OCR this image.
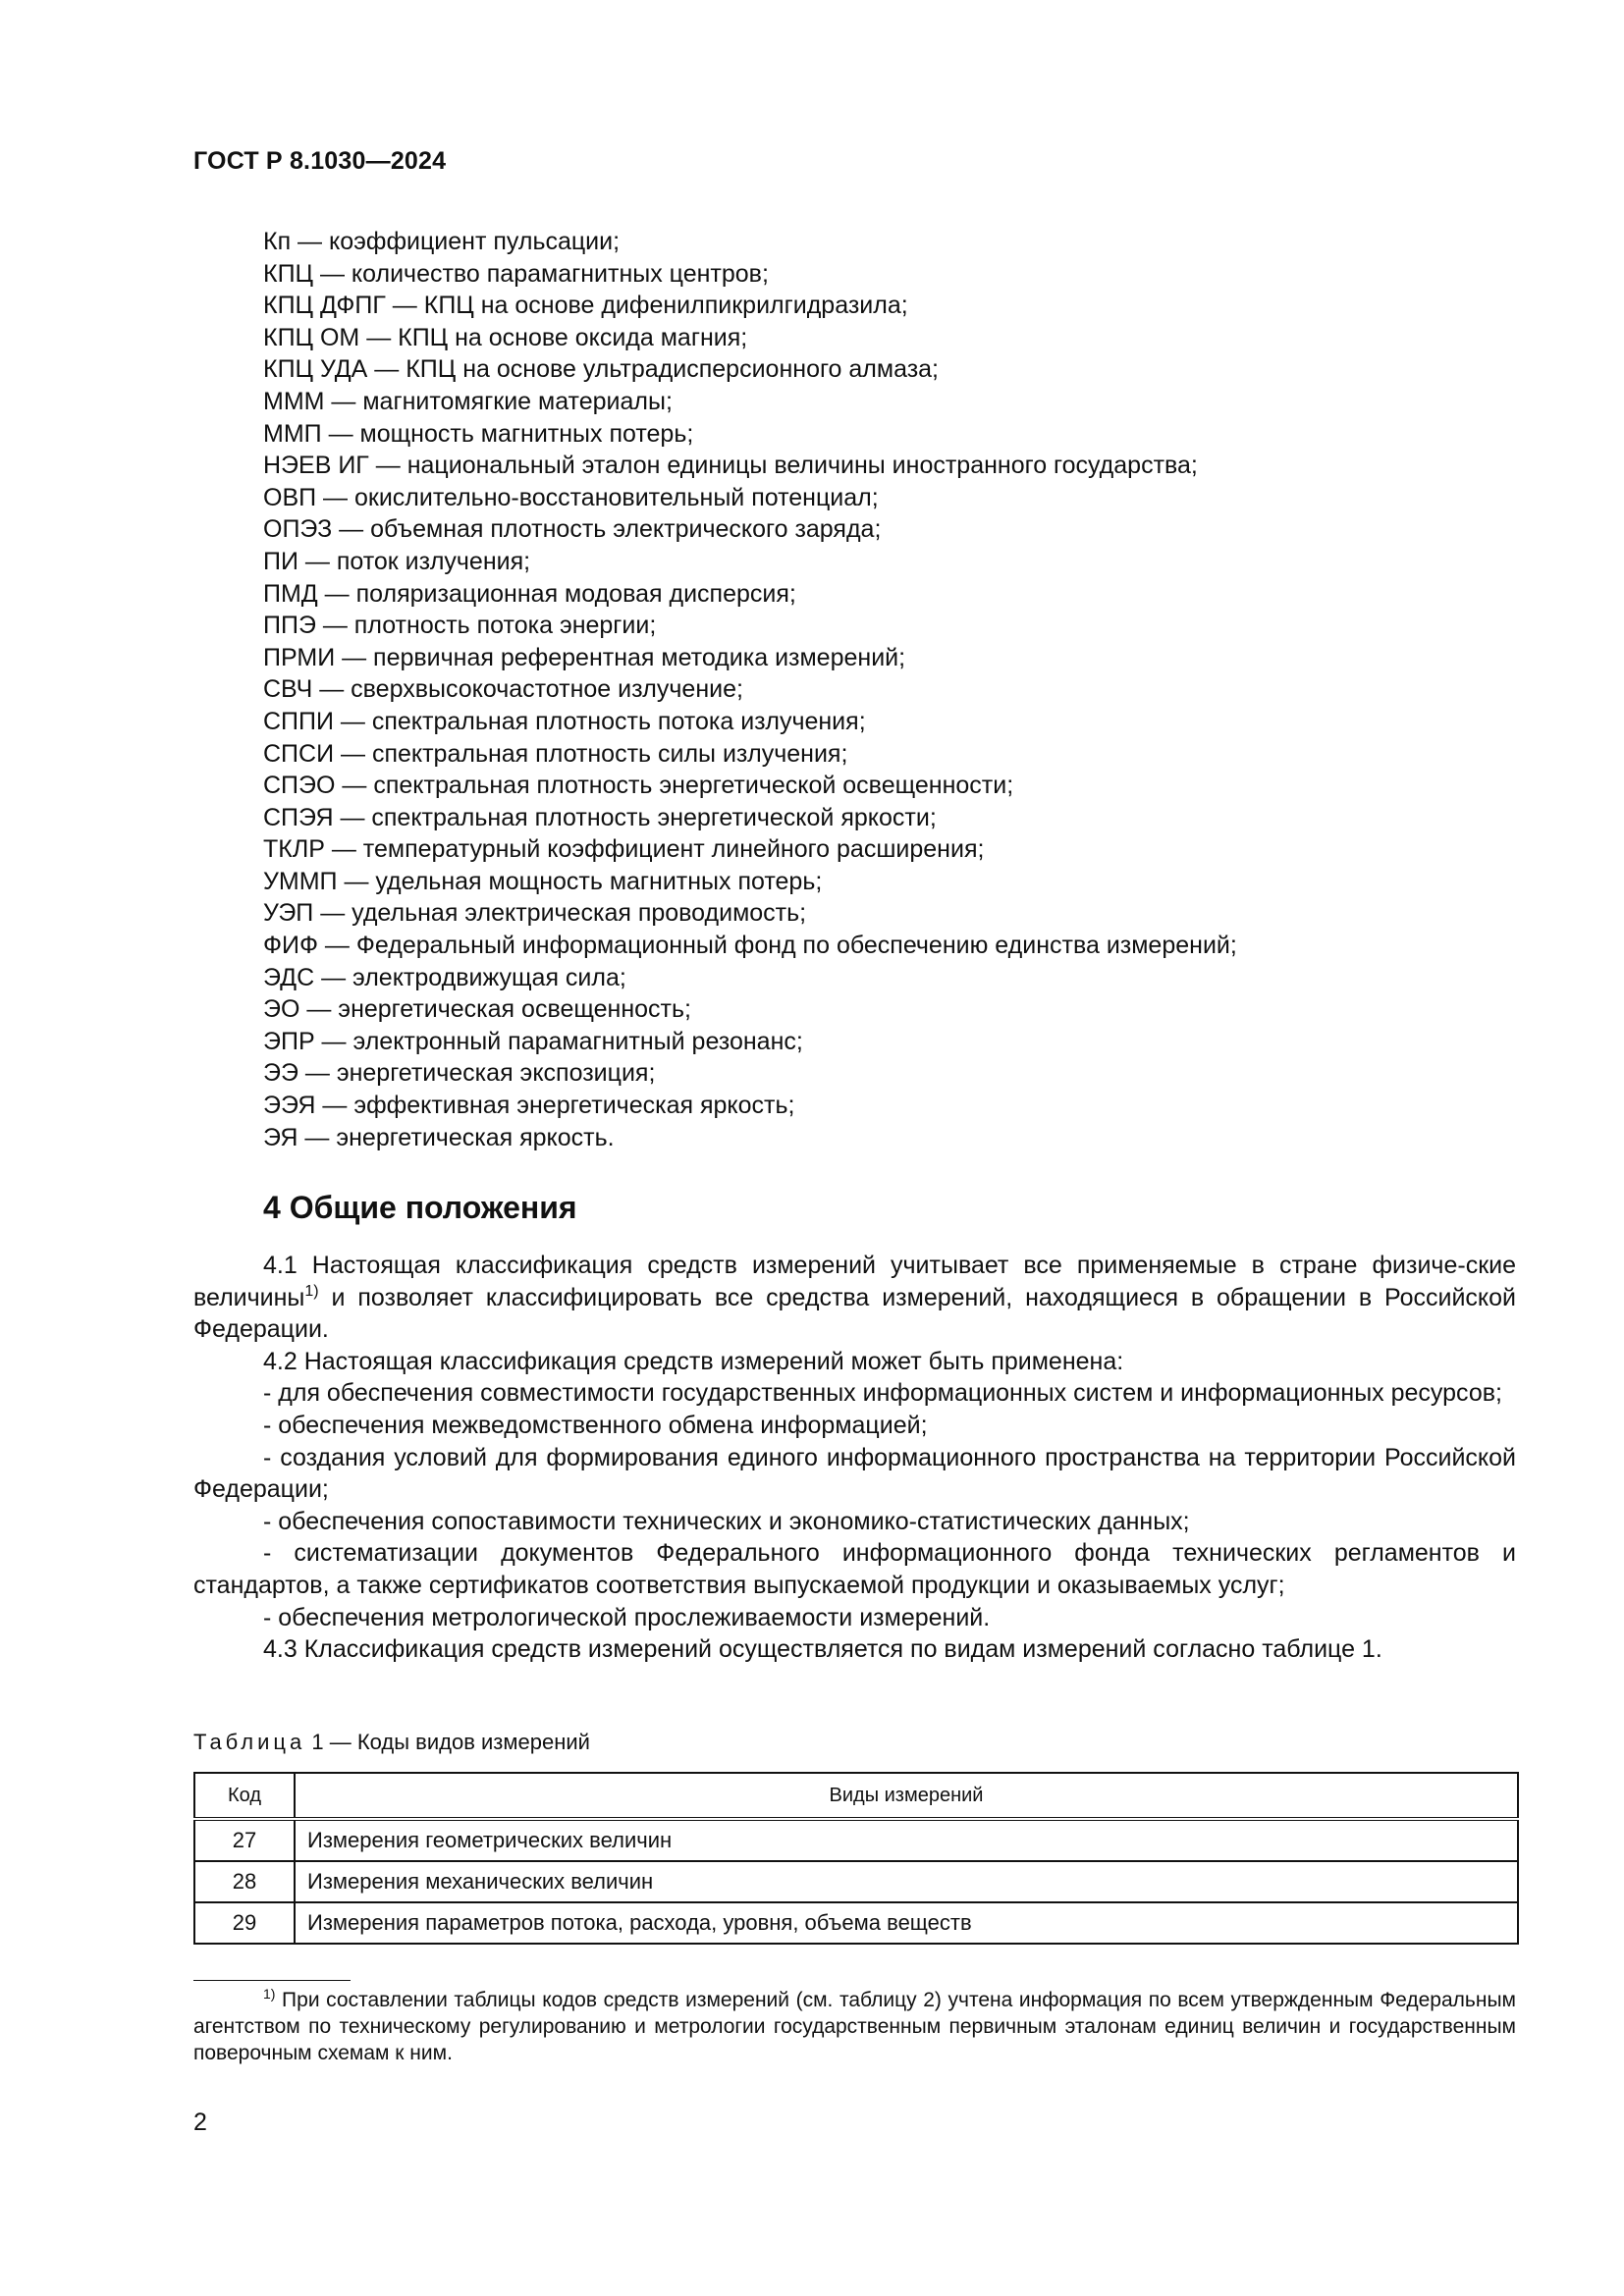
ГОСТ Р 8.1030—2024
Кп — коэффициент пульсации;
КПЦ — количество парамагнитных центров;
КПЦ ДФПГ — КПЦ на основе дифенилпикрилгидразила;
КПЦ ОМ — КПЦ на основе оксида магния;
КПЦ УДА — КПЦ на основе ультрадисперсионного алмаза;
МММ — магнитомягкие материалы;
ММП — мощность магнитных потерь;
НЭЕВ ИГ — национальный эталон единицы величины иностранного государства;
ОВП — окислительно-восстановительный потенциал;
ОПЭЗ — объемная плотность электрического заряда;
ПИ — поток излучения;
ПМД — поляризационная модовая дисперсия;
ППЭ — плотность потока энергии;
ПРМИ — первичная референтная методика измерений;
СВЧ — сверхвысокочастотное излучение;
СППИ — спектральная плотность потока излучения;
СПСИ — спектральная плотность силы излучения;
СПЭО — спектральная плотность энергетической освещенности;
СПЭЯ — спектральная плотность энергетической яркости;
ТКЛР — температурный коэффициент линейного расширения;
УММП — удельная мощность магнитных потерь;
УЭП — удельная электрическая проводимость;
ФИФ — Федеральный информационный фонд по обеспечению единства измерений;
ЭДС — электродвижущая сила;
ЭО — энергетическая освещенность;
ЭПР — электронный парамагнитный резонанс;
ЭЭ — энергетическая экспозиция;
ЭЭЯ — эффективная энергетическая яркость;
ЭЯ — энергетическая яркость.
4 Общие положения

4.1 Настоящая классификация средств измерений учитывает все применяемые в стране физиче-ские величины$^{1)}$ и позволяет классифицировать все средства измерений, находящиеся в обращении в Российской Федерации.

4.2 Настоящая классификация средств измерений может быть применена:

- для обеспечения совместимости государственных информационных систем и информационных ресурсов;

- обеспечения межведомственного обмена информацией;

- создания условий для формирования единого информационного пространства на территории Российской Федерации;

- обеспечения сопоставимости технических и экономико-статистических данных;

- систематизации документов Федерального информационного фонда технических регламентов и стандартов, а также сертификатов соответствия выпускаемой продукции и оказываемых услуг;

- обеспечения метрологической прослеживаемости измерений.

4.3 Классификация средств измерений осуществляется по видам измерений согласно таблице 1.

Таблица 1 — Коды видов измерений
Код	Виды измерений
27	Измерения геометрических величин
28	Измерения механических величин
29	Измерения параметров потока, расхода, уровня, объема веществ
$^{1)}$ При составлении таблицы кодов средств измерений (см. таблицу 2) учтена информация по всем утвержденным Федеральным агентством по техническому регулированию и метрологии государственным первичным эталонам единиц величин и государственным поверочным схемам к ним.
2
